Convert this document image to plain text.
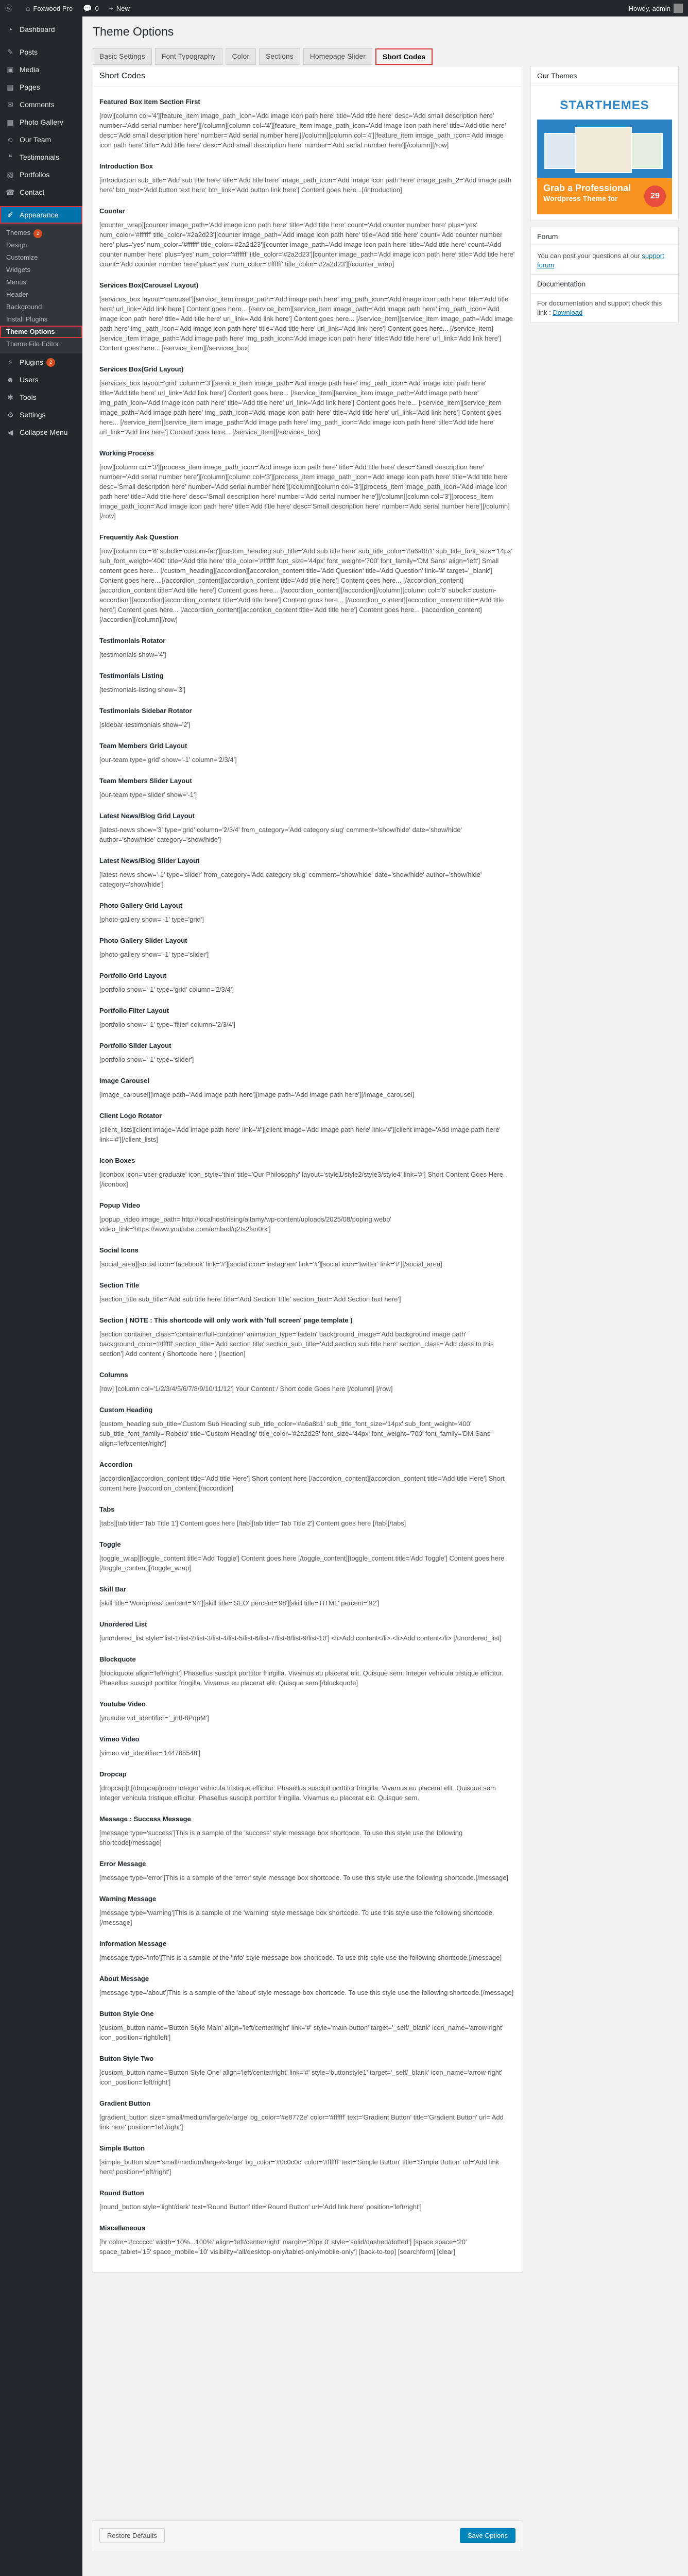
ⓦ ⌂ Foxwood Pro 💬 0 + New	Howdy, admin
◔ Dashboard
✎ Posts
▣ Media
▤ Pages
✉ Comments
▦ Photo Gallery
☺ Our Team
❝	Testimonials
▧ Portfolios
☎ Contact
✐ Appearance
Themes 2
Design
Customize
Widgets
Menus
Header
Background
Install Plugins
Theme Options
Theme File Editor
⚡ Plugins	2
☻ Users
✱ Tools
⚙ Settings
◀ Collapse Menu
Theme Options
Basic Settings	Font Typography	Color	Sections	Homepage Slider	Short Codes
Short Codes
Featured Box Item Section First

[row][column col='4'][feature_item image_path_icon='Add image icon path here' title='Add title here' desc='Add small description here' number='Add serial number here'][/column][column col='4'][feature_item image_path_icon='Add image icon path here' title='Add title here' desc='Add small description here' number='Add serial number here'][/column][column col='4'][feature_item image_path_icon='Add image icon path here' title='Add title here' desc='Add small description here' number='Add serial number here'][/column][/row]

Introduction Box

[introduction sub_title='Add sub title here' title='Add title here' image_path_icon='Add image icon path here' image_path_2='Add image path here' btn_text='Add button text here' btn_link='Add button link here'] Content goes here...[/introduction]

Counter

[counter_wrap][counter image_path='Add image icon path here' title='Add title here' count='Add counter number here' plus='yes' num_color='#ffffff' title_color='#2a2d23'][counter image_path='Add image icon path here' title='Add title here' count='Add counter number here' plus='yes' num_color='#ffffff' title_color='#2a2d23'][counter image_path='Add image icon path here' title='Add title here' count='Add counter number here' plus='yes' num_color='#ffffff' title_color='#2a2d23'][counter image_path='Add image icon path here' title='Add title here' count='Add counter number here' plus='yes' num_color='#ffffff' title_color='#2a2d23'][/counter_wrap]

Services Box(Carousel Layout)

[services_box layout='carousel'][service_item image_path='Add image path here' img_path_icon='Add image icon path here' title='Add title here' url_link='Add link here'] Content goes here... [/service_item][service_item image_path='Add image path here' img_path_icon='Add image icon path here' title='Add title here' url_link='Add link here'] Content goes here... [/service_item][service_item image_path='Add image path here' img_path_icon='Add image icon path here' title='Add title here' url_link='Add link here'] Content goes here... [/service_item][service_item image_path='Add image path here' img_path_icon='Add image icon path here' title='Add title here' url_link='Add link here'] Content goes here... [/service_item][/services_box]

Services Box(Grid Layout)

[services_box layout='grid' column='3'][service_item image_path='Add image path here' img_path_icon='Add image icon path here' title='Add title here' url_link='Add link here'] Content goes here... [/service_item][service_item image_path='Add image path here' img_path_icon='Add image icon path here' title='Add title here' url_link='Add link here'] Content goes here... [/service_item][service_item image_path='Add image path here' img_path_icon='Add image icon path here' title='Add title here' url_link='Add link here'] Content goes here... [/service_item][service_item image_path='Add image path here' img_path_icon='Add image icon path here' title='Add title here' url_link='Add link here'] Content goes here... [/service_item][/services_box]

Working Process

[row][column col='3'][process_item image_path_icon='Add image icon path here' title='Add title here' desc='Small description here' number='Add serial number here'][/column][column col='3'][process_item image_path_icon='Add image icon path here' title='Add title here' desc='Small description here' number='Add serial number here'][/column][column col='3'][process_item image_path_icon='Add image icon path here' title='Add title here' desc='Small description here' number='Add serial number here'][/column][column col='3'][process_item image_path_icon='Add image icon path here' title='Add title here' desc='Small description here' number='Add serial number here'][/column][/row]

Frequently Ask Question

[row][column col='6' subclk='custom-faq'][custom_heading sub_title='Add sub title here' sub_title_color='#a6a8b1' sub_title_font_size='14px' sub_font_weight='400' title='Add title here' title_color='#ffffff' font_size='44px' font_weight='700' font_family='DM Sans' align='left'] Small content goes here... [/custom_heading][accordion][accordion_content title='Add Question' title='Add Question' link='#' target='_blank'] Content goes here... [/accordion_content][accordion_content title='Add title here'] Content goes here... [/accordion_content][accordion_content title='Add title here'] Content goes here... [/accordion_content][/accordion][/column][column col='6' subclk='custom-accordian'][accordion][accordion_content title='Add title here'] Content goes here... [/accordion_content][accordion_content title='Add title here'] Content goes here... [/accordion_content][accordion_content title='Add title here'] Content goes here... [/accordion_content][/accordion][/column][/row]

Testimonials Rotator

[testimonials show='4']

Testimonials Listing

[testimonials-listing show='3']

Testimonials Sidebar Rotator

[sidebar-testimonials show='2']

Team Members Grid Layout

[our-team type='grid' show='-1' column='2/3/4']

Team Members Slider Layout

[our-team type='slider' show='-1']

Latest News/Blog Grid Layout

[latest-news show='3' type='grid' column='2/3/4' from_category='Add category slug' comment='show/hide' date='show/hide' author='show/hide' category='show/hide']

Latest News/Blog Slider Layout

[latest-news show='-1' type='slider' from_category='Add category slug' comment='show/hide' date='show/hide' author='show/hide' category='show/hide']

Photo Gallery Grid Layout

[photo-gallery show='-1' type='grid']

Photo Gallery Slider Layout

[photo-gallery show='-1' type='slider']

Portfolio Grid Layout

[portfolio show='-1' type='grid' column='2/3/4']

Portfolio Filter Layout

[portfolio show='-1' type='filter' column='2/3/4']

Portfolio Slider Layout

[portfolio show='-1' type='slider']

Image Carousel

[image_carousel][image path='Add image path here'][image path='Add image path here'][/image_carousel]

Client Logo Rotator

[client_lists][client image='Add image path here' link='#'][client image='Add image path here' link='#'][client image='Add image path here' link='#'][/client_lists]

Icon Boxes

[iconbox icon='user-graduate' icon_style='thin' title='Our Philosophy' layout='style1/style2/style3/style4' link='#'] Short Content Goes Here.[/iconbox]

Popup Video

[popup_video image_path='http://localhost/rising/altamy/wp-content/uploads/2025/08/poping.webp' video_link='https://www.youtube.com/embed/q2Is2fsn0rk']

Social Icons

[social_area][social icon='facebook' link='#'][social icon='instagram' link='#'][social icon='twitter' link='#'][/social_area]

Section Title

[section_title sub_title='Add sub title here' title='Add Section Title' section_text='Add Section text here']

Section ( NOTE : This shortcode will only work with 'full screen' page template )

[section container_class='container/full-container' animation_type='fadeIn' background_image='Add background image path' background_color='#ffffff' section_title='Add section title' section_sub_title='Add section sub title here' section_class='Add class to this section'] Add content ( Shortcode here ) [/section]

Columns

[row] [column col='1/2/3/4/5/6/7/8/9/10/11/12'] Your Content / Short code Goes here [/column] [/row]

Custom Heading

[custom_heading sub_title='Custom Sub Heading' sub_title_color='#a6a8b1' sub_title_font_size='14px' sub_font_weight='400' sub_title_font_family='Roboto' title='Custom Heading' title_color='#2a2d23' font_size='44px' font_weight='700' font_family='DM Sans' align='left/center/right']

Accordion

[accordion][accordion_content title='Add title Here'] Short content here [/accordion_content][accordion_content title='Add title Here'] Short content here [/accordion_content][/accordion]

Tabs

[tabs][tab title='Tab Title 1'] Content goes here [/tab][tab title='Tab Title 2'] Content goes here [/tab][/tabs]

Toggle

[toggle_wrap][toggle_content title='Add Toggle'] Content goes here [/toggle_content][toggle_content title='Add Toggle'] Content goes here [/toggle_content][/toggle_wrap]

Skill Bar

[skill title='Wordpress' percent='94'][skill title='SEO' percent='98'][skill title='HTML' percent='92']

Unordered List

[unordered_list style='list-1/list-2/list-3/list-4/list-5/list-6/list-7/list-8/list-9/list-10'] <li>Add content</li> <li>Add content</li> [/unordered_list]

Blockquote

[blockquote align='left/right'] Phasellus suscipit porttitor fringilla. Vivamus eu placerat elit. Quisque sem. Integer vehicula tristique efficitur. Phasellus suscipit porttitor fringilla. Vivamus eu placerat elit. Quisque sem.[/blockquote]

Youtube Video

[youtube vid_identifier='_jnIf-8PqpM']

Vimeo Video

[vimeo vid_identifier='144785548']

Dropcap

[dropcap]L[/dropcap]orem Integer vehicula tristique efficitur. Phasellus suscipit porttitor fringilla. Vivamus eu placerat elit. Quisque sem Integer vehicula tristique efficitur. Phasellus suscipit porttitor fringilla. Vivamus eu placerat elit. Quisque sem.

Message : Success Message

[message type='success']This is a sample of the 'success' style message box shortcode. To use this style use the following shortcode[/message]

Error Message

[message type='error']This is a sample of the 'error' style message box shortcode. To use this style use the following shortcode.[/message]

Warning Message

[message type='warning']This is a sample of the 'warning' style message box shortcode. To use this style use the following shortcode.[/message]

Information Message

[message type='info']This is a sample of the 'info' style message box shortcode. To use this style use the following shortcode.[/message]

About Message

[message type='about']This is a sample of the 'about' style message box shortcode. To use this style use the following shortcode.[/message]

Button Style One

[custom_button name='Button Style Main' align='left/center/right' link='#' style='main-button' target='_self/_blank' icon_name='arrow-right' icon_position='right/left']

Button Style Two

[custom_button name='Button Style One' align='left/center/right' link='#' style='buttonstyle1' target='_self/_blank' icon_name='arrow-right' icon_position='left/right']

Gradient Button

[gradient_button size='small/medium/large/x-large' bg_color='#e8772e' color='#ffffff' text='Gradient Button' title='Gradient Button' url='Add link here' position='left/right']

Simple Button

[simple_button size='small/medium/large/x-large' bg_color='#0c0c0c' color='#ffffff' text='Simple Button' title='Simple Button' url='Add link here' position='left/right']

Round Button

[round_button style='light/dark' text='Round Button' title='Round Button' url='Add link here' position='left/right']

Miscellaneous

[hr color='#cccccc' width='10%...100%' align='left/center/right' margin='20px 0' style='solid/dashed/dotted'] [space space='20' space_tablet='15' space_mobile='10' visibility='all/desktop-only/tablet-only/mobile-only'] [back-to-top] [searchform] [clear]

Restore Defaults	Save Options
Our Themes
STARTHEMES
Grab a Professional
Wordpress Theme for	29
Forum
You can post your questions at our support forum
Documentation
For documentation and support check this link : Download
